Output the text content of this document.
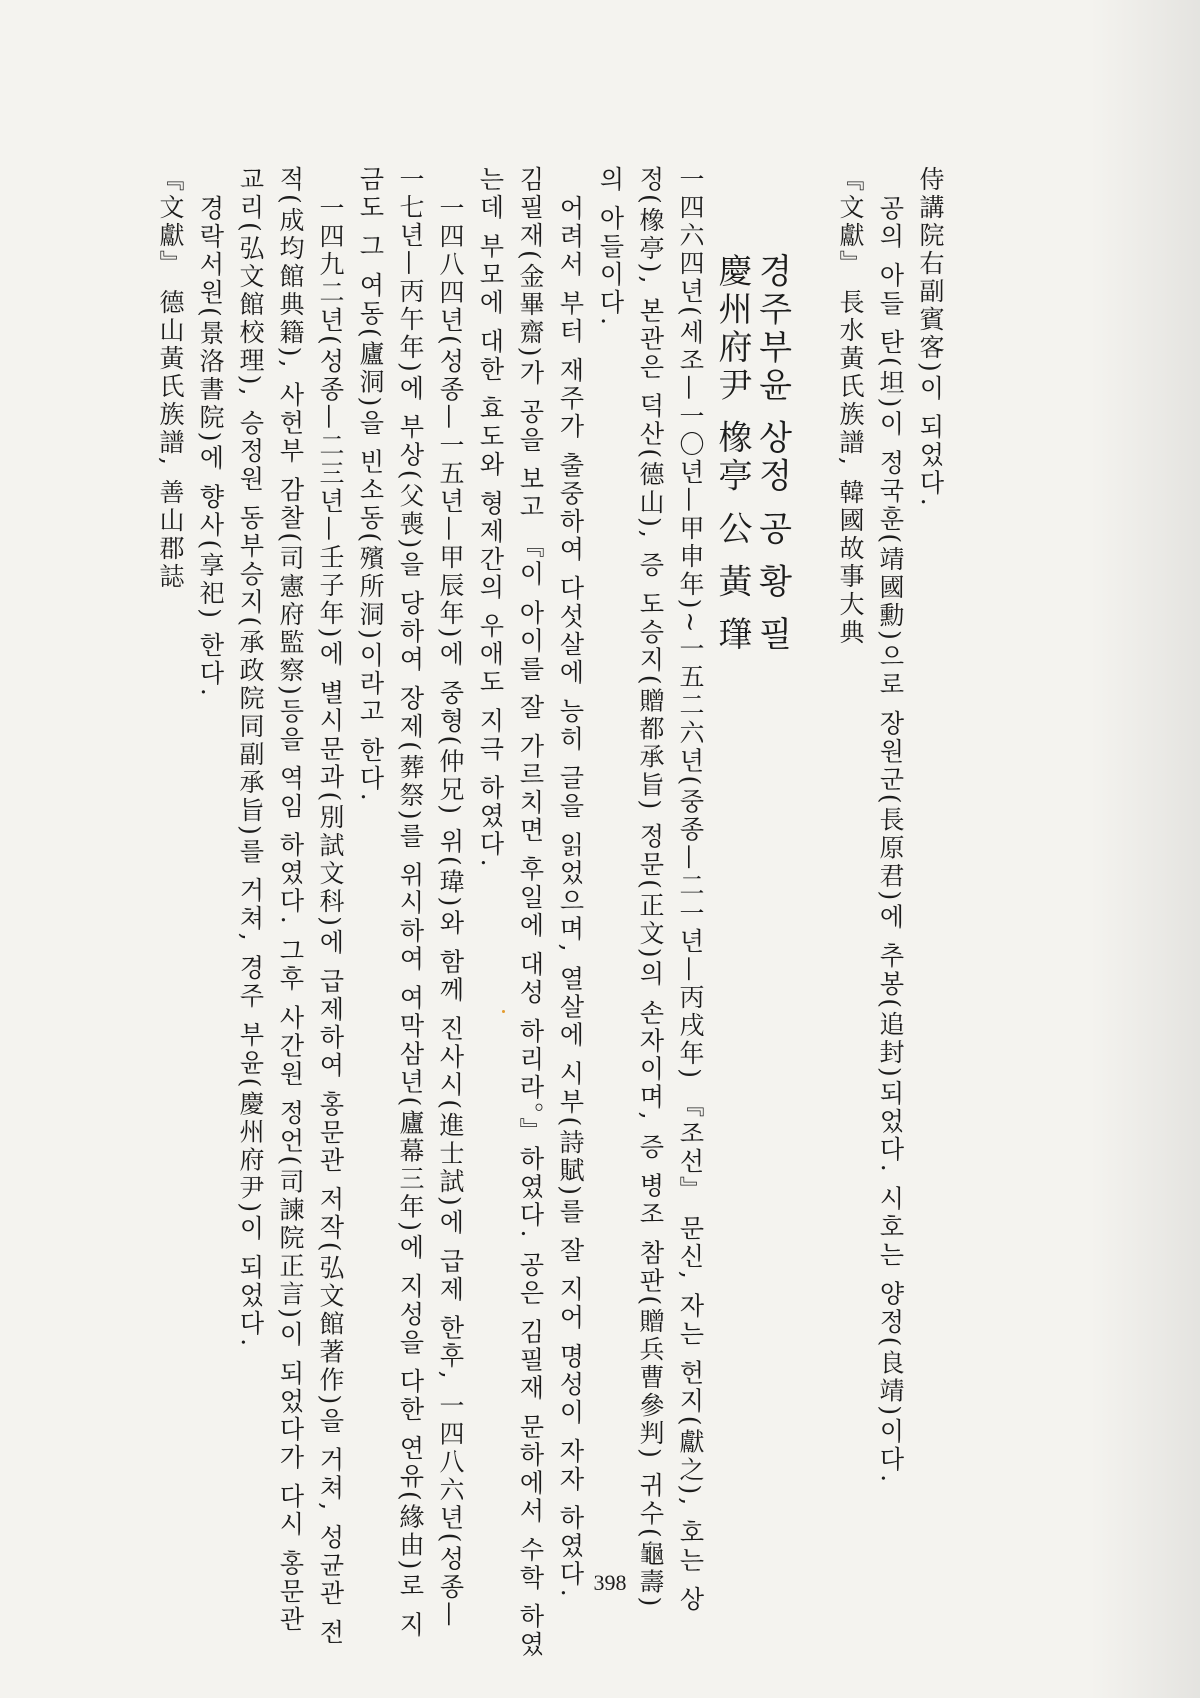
侍講院右副賓客)이 되었다.
공의 아들 탄(坦)이 정국훈(靖國勳)으로 장원군(長原君)에 추봉(追封)되었다. 시호는 양정(良靖)이다.
『文獻』 長水黃氏族譜, 韓國故事大典
경주부윤 상정 공 황 필
慶州府尹 橡亭 公 黃 㻶
一四六四년(세조—一〇년—甲申年)~一五二六년(중종—二一년—丙戌年) 『조선』 문신, 자는 헌지(獻之), 호는 상
정(橡亭), 본관은 덕산(德山), 증 도승지(贈都承旨) 정문(正文)의 손자이며, 증 병조 참판(贈兵曹參判) 귀수(龜壽)
의 아들이다.
어려서 부터 재주가 출중하여 다섯살에 능히 글을 읽었으며, 열살에 시부(詩賦)를 잘 지어 명성이 자자 하였다.
김필재(金畢齋)가 공을 보고 『이 아이를 잘 가르치면 후일에 대성 하리라。』하였다. 공은 김필재 문하에서 수학 하였
는데 부모에 대한 효도와 형제간의 우애도 지극 하였다.
一四八四년(성종—一五년—甲辰年)에 중형(仲兄) 위(瑋)와 함께 진사시(進士試)에 급제 한후, 一四八六년(성종—
一七년—丙午年)에 부상(父喪)을 당하여 장제(葬祭)를 위시하여 여막삼년(廬幕三年)에 지성을 다한 연유(緣由)로 지
금도 그 여동(廬洞)을 빈소동(殯所洞)이라고 한다.
一四九二년(성종—二三년—壬子年)에 별시문과(別試文科)에 급제하여 홍문관 저작(弘文館著作)을 거쳐, 성균관 전
적(成均館典籍), 사헌부 감찰(司憲府監察)등을 역임 하였다. 그후 사간원 정언(司諫院正言)이 되었다가 다시 홍문관
교리(弘文館校理), 승정원 동부승지(承政院同副承旨)를 거쳐, 경주 부윤(慶州府尹)이 되었다.
경락서원(景洛書院)에 향사(享祀) 한다.
『文獻』 德山黃氏族譜, 善山郡誌
398
